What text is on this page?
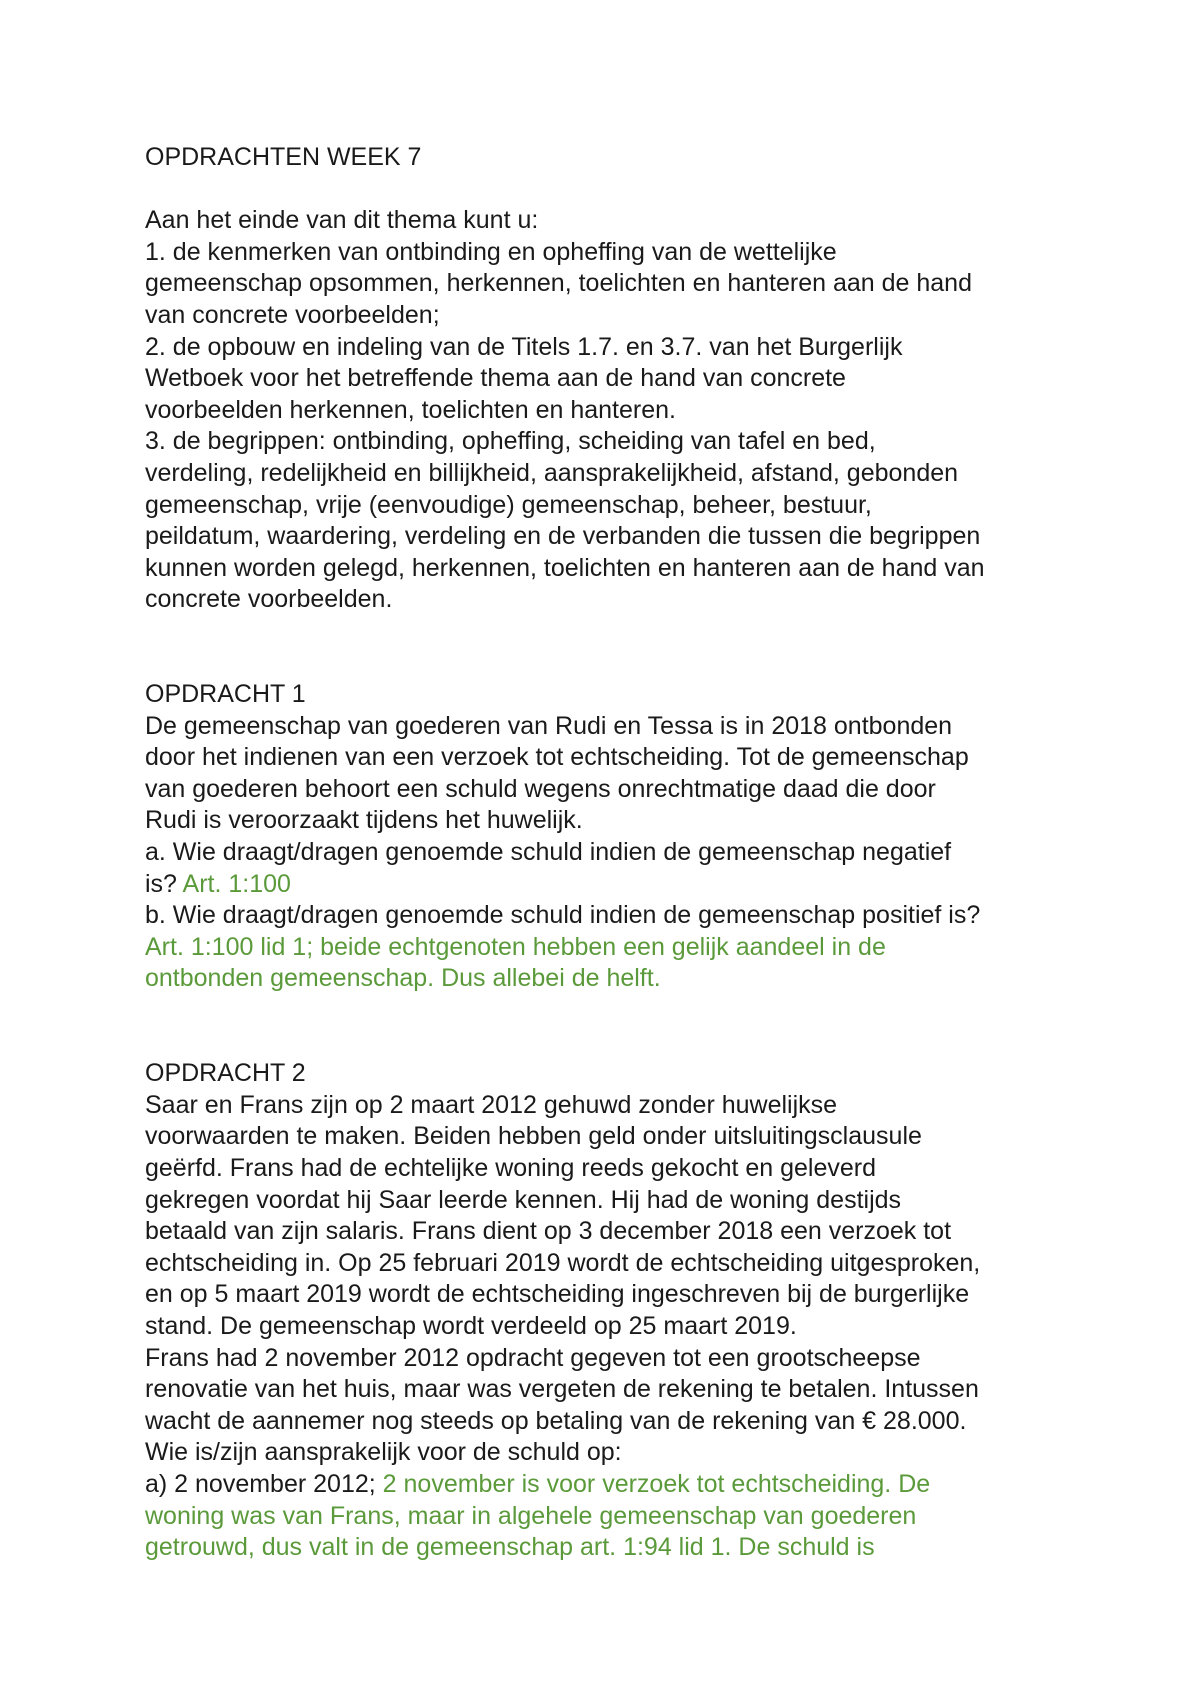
OPDRACHTEN WEEK 7
Aan het einde van dit thema kunt u:
1. de kenmerken van ontbinding en opheffing van de wettelijke
gemeenschap opsommen, herkennen, toelichten en hanteren aan de hand
van concrete voorbeelden;
2. de opbouw en indeling van de Titels 1.7. en 3.7. van het Burgerlijk
Wetboek voor het betreffende thema aan de hand van concrete
voorbeelden herkennen, toelichten en hanteren.
3. de begrippen: ontbinding, opheffing, scheiding van tafel en bed,
verdeling, redelijkheid en billijkheid, aansprakelijkheid, afstand, gebonden
gemeenschap, vrije (eenvoudige) gemeenschap, beheer, bestuur,
peildatum, waardering, verdeling en de verbanden die tussen die begrippen
kunnen worden gelegd, herkennen, toelichten en hanteren aan de hand van
concrete voorbeelden.
OPDRACHT 1
De gemeenschap van goederen van Rudi en Tessa is in 2018 ontbonden
door het indienen van een verzoek tot echtscheiding. Tot de gemeenschap
van goederen behoort een schuld wegens onrechtmatige daad die door
Rudi is veroorzaakt tijdens het huwelijk.
a. Wie draagt/dragen genoemde schuld indien de gemeenschap negatief
is? Art. 1:100
b. Wie draagt/dragen genoemde schuld indien de gemeenschap positief is?
Art. 1:100 lid 1; beide echtgenoten hebben een gelijk aandeel in de
ontbonden gemeenschap. Dus allebei de helft.
OPDRACHT 2
Saar en Frans zijn op 2 maart 2012 gehuwd zonder huwelijkse
voorwaarden te maken. Beiden hebben geld onder uitsluitingsclausule
geërfd. Frans had de echtelijke woning reeds gekocht en geleverd
gekregen voordat hij Saar leerde kennen. Hij had de woning destijds
betaald van zijn salaris. Frans dient op 3 december 2018 een verzoek tot
echtscheiding in. Op 25 februari 2019 wordt de echtscheiding uitgesproken,
en op 5 maart 2019 wordt de echtscheiding ingeschreven bij de burgerlijke
stand. De gemeenschap wordt verdeeld op 25 maart 2019.
Frans had 2 november 2012 opdracht gegeven tot een grootscheepse
renovatie van het huis, maar was vergeten de rekening te betalen. Intussen
wacht de aannemer nog steeds op betaling van de rekening van € 28.000.
Wie is/zijn aansprakelijk voor de schuld op:
a) 2 november 2012; 2 november is voor verzoek tot echtscheiding. De
woning was van Frans, maar in algehele gemeenschap van goederen
getrouwd, dus valt in de gemeenschap art. 1:94 lid 1. De schuld is
